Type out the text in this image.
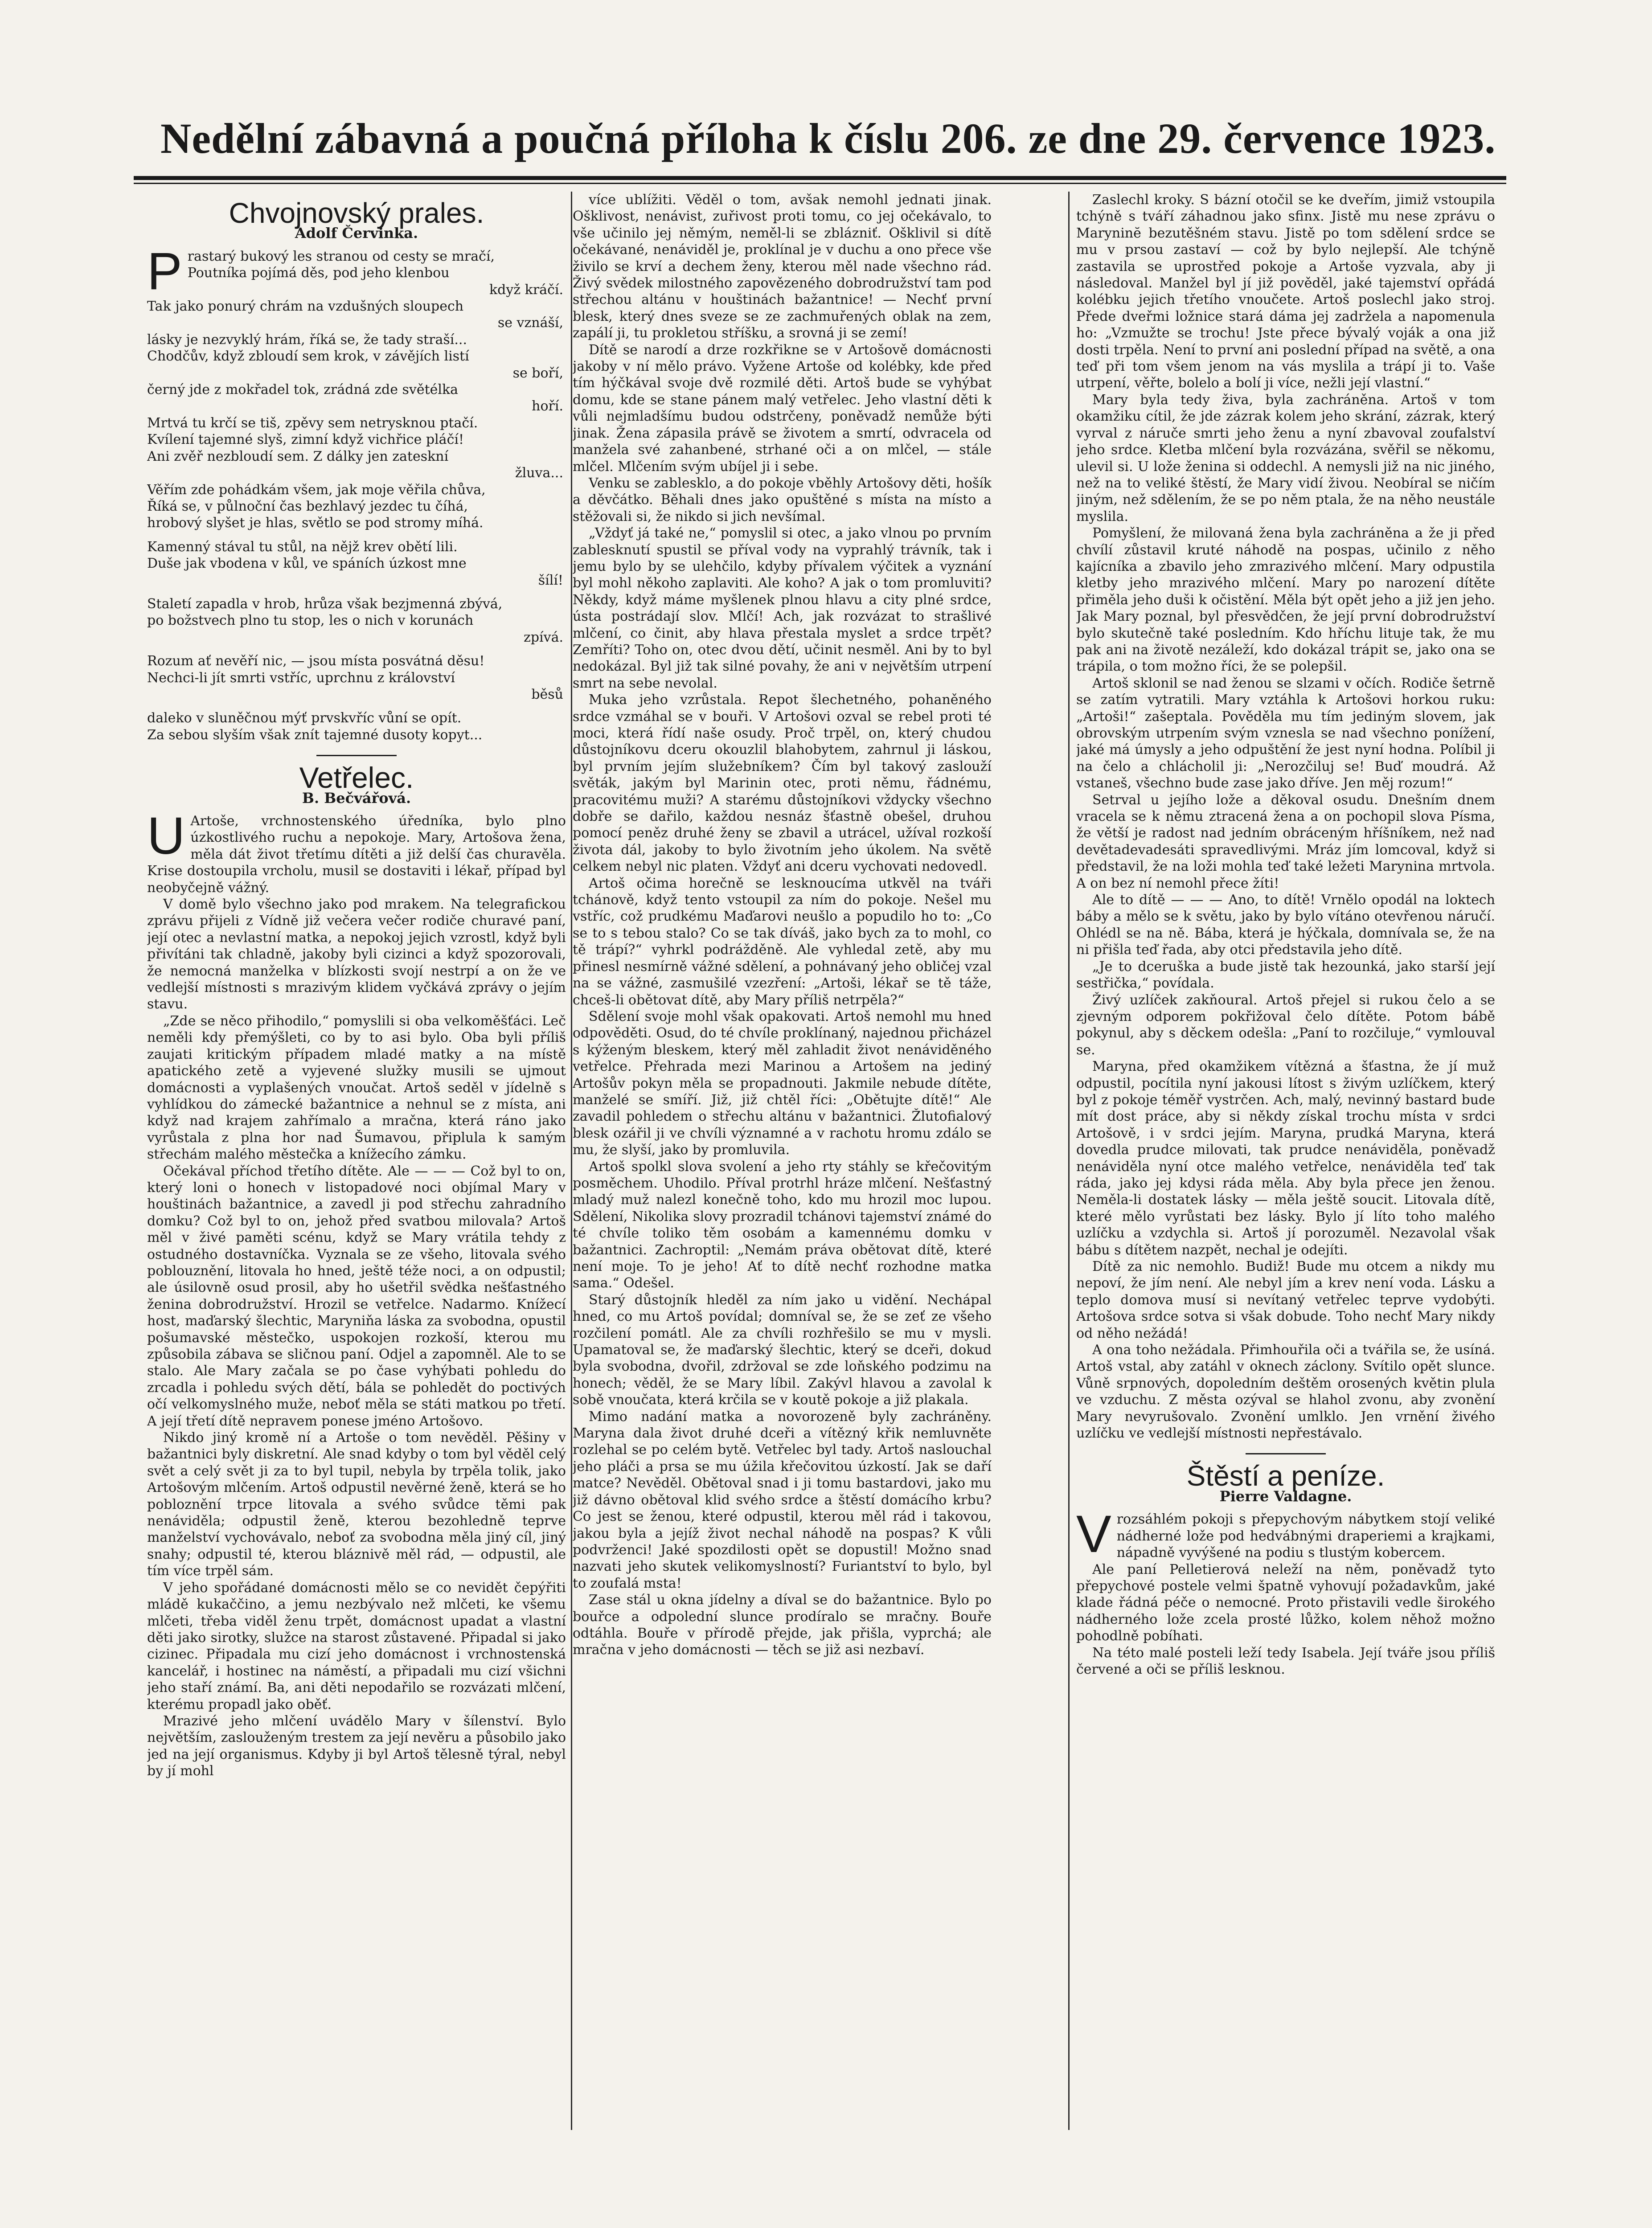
Nedělní zábavná a poučná příloha k číslu 206. ze dne 29. července 1923.
Chvojnovský prales.
Adolf Červinka.
P rastarý bukový les stranou od cesty se mračí,
Poutníka pojímá děs, pod jeho klenbou
když kráčí.
Tak jako ponurý chrám na vzdušných sloupech
se vznáší,
lásky je nezvyklý hrám, říká se, že tady straší...
Chodčův, když zbloudí sem krok, v závějích listí
se boří,
černý jde z mokřadel tok, zrádná zde světélka
hoří.
Mrtvá tu krčí se tiš, zpěvy sem netrysknou ptačí.
Kvílení tajemné slyš, zimní když vichřice pláčí!
Ani zvěř nezbloudí sem. Z dálky jen zateskní
žluva...
Věřím zde pohádkám všem, jak moje věřila chůva,
Říká se, v půlnoční čas bezhlavý jezdec tu číhá,
hrobový slyšet je hlas, světlo se pod stromy míhá.
Kamenný stával tu stůl, na nějž krev obětí lili.
Duše jak vbodena v kůl, ve spáních úzkost mne
šílí!
Staletí zapadla v hrob, hrůza však bezjmenná zbývá,
po božstvech plno tu stop, les o nich v korunách
zpívá.
Rozum ať nevěří nic, — jsou místa posvátná děsu!
Nechci-li jít smrti vstříc, uprchnu z království
běsů
daleko v sluněčnou mýť prvskvříc vůní se opít.
Za sebou slyším však znít tajemné dusoty kopyt...
Vetřelec.
B. Bečvářová.
U Artoše, vrchnostenského úředníka, bylo plno úzkostlivého ruchu a nepokoje. Mary, Artošova žena, měla dát život třetímu dítěti a již delší čas churavěla. Krise dostoupila vrcholu, musil se dostaviti i lékař, případ byl neobyčejně vážný.

V domě bylo všechno jako pod mrakem. Na telegrafickou zprávu přijeli z Vídně již večera večer rodiče churavé paní, její otec a nevlastní matka, a nepokoj jejich vzrostl, když byli přivítáni tak chladně, jakoby byli cizinci a když spozorovali, že nemocná manželka v blízkosti svojí nestrpí a on že ve vedlejší místnosti s mrazivým klidem vyčkává zprávy o jejím stavu.

„Zde se něco přihodilo,“ pomyslili si oba velkoměšťáci. Leč neměli kdy přemýšleti, co by to asi bylo. Oba byli příliš zaujati kritickým případem mladé matky a na místě apatického zetě a vyjevené služky musili se ujmout domácnosti a vyplašených vnoučat. Artoš seděl v jídelně s vyhlídkou do zámecké bažantnice a nehnul se z místa, ani když nad krajem zahřímalo a mračna, která ráno jako vyrůstala z plna hor nad Šumavou, připlula k samým střechám malého městečka a knížecího zámku.

Očekával příchod třetího dítěte. Ale — — — Což byl to on, který loni o honech v listopadové noci objímal Mary v houštinách bažantnice, a zavedl ji pod střechu zahradního domku? Což byl to on, jehož před svatbou milovala? Artoš měl v živé paměti scénu, když se Mary vrátila tehdy z ostudného dostavníčka. Vyznala se ze všeho, litovala svého poblouznění, litovala ho hned, ještě téže noci, a on odpustil; ale úsilovně osud prosil, aby ho ušetřil svědka nešťastného ženina dobrodružství. Hrozil se vetřelce. Nadarmo. Knížecí host, maďarský šlechtic, Maryniňa láska za svobodna, opustil pošumavské městečko, uspokojen rozkoší, kterou mu způsobila zábava se sličnou paní. Odjel a zapomněl. Ale to se stalo. Ale Mary začala se po čase vyhýbati pohledu do zrcadla i pohledu svých dětí, bála se pohledět do poctivých očí velkomyslného muže, neboť měla se státi matkou po třetí. A její třetí dítě nepravem ponese jméno Artošovo.

Nikdo jiný kromě ní a Artoše o tom nevěděl. Pěšiny v bažantnici byly diskretní. Ale snad kdyby o tom byl věděl celý svět a celý svět ji za to byl tupil, nebyla by trpěla tolik, jako Artošovým mlčením. Artoš odpustil nevěrné ženě, která se ho pobloznění trpce litovala a svého svůdce těmi pak nenáviděla; odpustil ženě, kterou bezohledně teprve manželství vychovávalo, neboť za svobodna měla jiný cíl, jiný snahy; odpustil té, kterou bláznivě měl rád, — odpustil, ale tím více trpěl sám.

V jeho spořádané domácnosti mělo se co nevidět čepýřiti mládě kukaččino, a jemu nezbývalo než mlčeti, ke všemu mlčeti, třeba viděl ženu trpět, domácnost upadat a vlastní děti jako sirotky, služce na starost zůstavené. Připadal si jako cizinec. Připadala mu cizí jeho domácnost i vrchnostenská kancelář, i hostinec na náměstí, a připadali mu cizí všichni jeho staří známí. Ba, ani děti nepodařilo se rozvázati mlčení, kterému propadl jako oběť.

Mrazivé jeho mlčení uvádělo Mary v šílenství. Bylo největším, zaslouženým trestem za její nevěru a působilo jako jed na její organismus. Kdyby ji byl Artoš tělesně týral, nebyl by jí mohl

více ublížiti. Věděl o tom, avšak nemohl jednati jinak. Ošklivost, nenávist, zuřivost proti tomu, co jej očekávalo, to vše učinilo jej němým, neměl-li se zblázniť. Ošklivil si dítě očekávané, nenáviděl je, proklínal je v duchu a ono přece vše živilo se krví a dechem ženy, kterou měl nade všechno rád. Živý svědek milostného zapovězeného dobrodružství tam pod střechou altánu v houštinách bažantnice! — Nechť první blesk, který dnes sveze se ze zachmuřených oblak na zem, zapálí ji, tu prokletou stříšku, a srovná ji se zemí!

Dítě se narodí a drze rozkřikne se v Artošově domácnosti jakoby v ní mělo právo. Vyžene Artoše od kolébky, kde před tím hýčkával svoje dvě rozmilé děti. Artoš bude se vyhýbat domu, kde se stane pánem malý vetřelec. Jeho vlastní děti k vůli nejmladšímu budou odstrčeny, poněvadž nemůže býti jinak. Žena zápasila právě se životem a smrtí, odvracela od manžela své zahanbené, strhané oči a on mlčel, — stále mlčel. Mlčením svým ubíjel ji i sebe.

Venku se zablesklo, a do pokoje vběhly Artošovy děti, hošík a děvčátko. Běhali dnes jako opuštěné s místa na místo a stěžovali si, že nikdo si jich nevšímal.

„Vždyť já také ne,“ pomyslil si otec, a jako vlnou po prvním zablesknutí spustil se příval vody na vyprahlý trávník, tak i jemu bylo by se ulehčilo, kdyby přívalem výčitek a vyznání byl mohl někoho zaplaviti. Ale koho? A jak o tom promluviti? Někdy, když máme myšlenek plnou hlavu a city plné srdce, ústa postrádají slov. Mlčí! Ach, jak rozvázat to strašlivé mlčení, co činit, aby hlava přestala myslet a srdce trpět? Zemříti? Toho on, otec dvou dětí, učinit nesměl. Ani by to byl nedokázal. Byl již tak silné povahy, že ani v největším utrpení smrt na sebe nevolal.

Muka jeho vzrůstala. Repot šlechetného, pohaněného srdce vzmáhal se v bouři. V Artošovi ozval se rebel proti té moci, která řídí naše osudy. Proč trpěl, on, který chudou důstojníkovu dceru okouzlil blahobytem, zahrnul ji láskou, byl prvním jejím služebníkem? Čím byl takový zaslouží světák, jakým byl Marinin otec, proti němu, řádnému, pracovitému muži? A starému důstojníkovi vždycky všechno dobře se dařilo, každou nesnáz šťastně obešel, druhou pomocí peněz druhé ženy se zbavil a utrácel, užíval rozkoší života dál, jakoby to bylo životním jeho úkolem. Na světě celkem nebyl nic platen. Vždyť ani dceru vychovati nedovedl.

Artoš očima horečně se lesknoucíma utkvěl na tváři tchánově, když tento vstoupil za ním do pokoje. Nešel mu vstříc, což prudkému Maďarovi neušlo a popudilo ho to: „Co se to s tebou stalo? Co se tak díváš, jako bych za to mohl, co tě trápí?“ vyhrkl podrážděně. Ale vyhledal zetě, aby mu přinesl nesmírně vážné sdělení, a pohnávaný jeho obličej vzal na se vážné, zasmušilé vzezření: „Artoši, lékař se tě táže, chceš-li obětovat dítě, aby Mary příliš netrpěla?“

Sdělení svoje mohl však opakovati. Artoš nemohl mu hned odpověděti. Osud, do té chvíle proklínaný, najednou přicházel s kýženým bleskem, který měl zahladit život nenáviděného vetřelce. Přehrada mezi Marinou a Artošem na jediný Artošův pokyn měla se propadnouti. Jakmile nebude dítěte, manželé se smíří. Již, již chtěl říci: „Obětujte dítě!“ Ale zavadil pohledem o střechu altánu v bažantnici. Žlutofialový blesk ozářil ji ve chvíli významné a v rachotu hromu zdálo se mu, že slyší, jako by promluvila.

Artoš spolkl slova svolení a jeho rty stáhly se křečovitým posměchem. Uhodilo. Příval protrhl hráze mlčení. Nešťastný mladý muž nalezl konečně toho, kdo mu hrozil moc lupou. Sdělení, Nikolika slovy prozradil tchánovi tajemství známé do té chvíle toliko těm osobám a kamennému domku v bažantnici. Zachroptil: „Nemám práva obětovat dítě, které není moje. To je jeho! Ať to dítě nechť rozhodne matka sama.“ Odešel.

Starý důstojník hleděl za ním jako u vidění. Nechápal hned, co mu Artoš povídal; domníval se, že se zeť ze všeho rozčilení pomátl. Ale za chvíli rozhřešilo se mu v mysli. Upamatoval se, že maďarský šlechtic, který se dceři, dokud byla svobodna, dvořil, zdržoval se zde loňského podzimu na honech; věděl, že se Mary líbil. Zakývl hlavou a zavolal k sobě vnoučata, která krčila se v koutě pokoje a již plakala.

Mimo nadání matka a novorozeně byly zachráněny. Maryna dala život druhé dceři a vítězný křik nemluvněte rozlehal se po celém bytě. Vetřelec byl tady. Artoš naslouchal jeho pláči a prsa se mu úžila křečovitou úzkostí. Jak se daří matce? Nevěděl. Obětoval snad i ji tomu bastardovi, jako mu již dávno obětoval klid svého srdce a štěstí domácího krbu? Co jest se ženou, které odpustil, kterou měl rád i takovou, jakou byla a jejíž život nechal náhodě na pospas? K vůli podvrženci! Jaké spozdilosti opět se dopustil! Možno snad nazvati jeho skutek velikomyslností? Furiantství to bylo, byl to zoufalá msta!

Zase stál u okna jídelny a díval se do bažantnice. Bylo po bouřce a odpolední slunce prodíralo se mračny. Bouře odtáhla. Bouře v přírodě přejde, jak přišla, vyprchá; ale mračna v jeho domácnosti — těch se již asi nezbaví.

Zaslechl kroky. S bázní otočil se ke dveřím, jimiž vstoupila tchýně s tváří záhadnou jako sfinx. Jistě mu nese zprávu o Maryninĕ bezutěšném stavu. Jistě po tom sdělení srdce se mu v prsou zastaví — což by bylo nejlepší. Ale tchýně zastavila se uprostřed pokoje a Artoše vyzvala, aby ji následoval. Manžel byl jí již pověděl, jaké tajemství opřádá kolébku jejich třetího vnoučete. Artoš poslechl jako stroj. Přede dveřmi ložnice stará dáma jej zadržela a napomenula ho: „Vzmužte se trochu! Jste přece bývalý voják a ona již dosti trpěla. Není to první ani poslední případ na světě, a ona teď při tom všem jenom na vás myslila a trápí ji to. Vaše utrpení, věřte, bolelo a bolí ji více, nežli její vlastní.“

Mary byla tedy živa, byla zachráněna. Artoš v tom okamžiku cítil, že jde zázrak kolem jeho skrání, zázrak, který vyrval z náruče smrti jeho ženu a nyní zbavoval zoufalství jeho srdce. Kletba mlčení byla rozvázána, svěřil se někomu, ulevil si. U lože ženina si oddechl. A nemysli již na nic jiného, než na to veliké štěstí, že Mary vidí živou. Neobíral se ničím jiným, než sdělením, že se po něm ptala, že na něho neustále myslila.

Pomyšlení, že milovaná žena byla zachráněna a že ji před chvílí zůstavil kruté náhodě na pospas, učinilo z něho kajícníka a zbavilo jeho zmrazivého mlčení. Mary odpustila kletby jeho mrazivého mlčení. Mary po narození dítěte přiměla jeho duši k očistění. Měla být opět jeho a již jen jeho. Jak Mary poznal, byl přesvědčen, že její první dobrodružství bylo skutečně také posledním. Kdo hříchu lituje tak, že mu pak ani na životě nezáleží, kdo dokázal trápit se, jako ona se trápila, o tom možno říci, že se polepšil.

Artoš sklonil se nad ženou se slzami v očích. Rodiče šetrně se zatím vytratili. Mary vztáhla k Artošovi horkou ruku: „Artoši!“ zašeptala. Pověděla mu tím jediným slovem, jak obrovským utrpením svým vznesla se nad všechno ponížení, jaké má úmysly a jeho odpuštění že jest nyní hodna. Políbil ji na čelo a chlácholil ji: „Nerozčiluj se! Buď moudrá. Až vstaneš, všechno bude zase jako dříve. Jen měj rozum!“

Setrval u jejího lože a děkoval osudu. Dnešním dnem vracela se k němu ztracená žena a on pochopil slova Písma, že větší je radost nad jedním obráceným hříšníkem, než nad devětadevadesáti spravedlivými. Mráz jím lomcoval, když si představil, že na loži mohla teď také ležeti Marynina mrtvola. A on bez ní nemohl přece žíti!

Ale to dítě — — — Ano, to dítě! Vrnělo opodál na loktech báby a mělo se k světu, jako by bylo vítáno otevřenou náručí. Ohlédl se na ně. Bába, která je hýčkala, domnívala se, že na ni přišla teď řada, aby otci představila jeho dítě.

„Je to dceruška a bude jistě tak hezounká, jako starší její sestřička,“ povídala.

Živý uzlíček zakňoural. Artoš přejel si rukou čelo a se zjevným odporem pokřižoval čelo dítěte. Potom bábě pokynul, aby s děckem odešla: „Paní to rozčiluje,“ vymlouval se.

Maryna, před okamžikem vítězná a šťastna, že jí muž odpustil, pocítila nyní jakousi lítost s živým uzlíčkem, který byl z pokoje téměř vystrčen. Ach, malý, nevinný bastard bude mít dost práce, aby si někdy získal trochu místa v srdci Artošově, i v srdci jejím. Maryna, prudká Maryna, která dovedla prudce milovati, tak prudce nenáviděla, poněvadž nenáviděla nyní otce malého vetřelce, nenáviděla teď tak ráda, jako jej kdysi ráda měla. Aby byla přece jen ženou. Neměla-li dostatek lásky — měla ještě soucit. Litovala dítě, které mělo vyrůstati bez lásky. Bylo jí líto toho malého uzlíčku a vzdychla si. Artoš jí porozuměl. Nezavolal však bábu s dítětem nazpět, nechal je odejíti.

Dítě za nic nemohlo. Budiž! Bude mu otcem a nikdy mu nepoví, že jím není. Ale nebyl jím a krev není voda. Lásku a teplo domova musí si nevítaný vetřelec teprve vydobýti. Artošova srdce sotva si však dobude. Toho nechť Mary nikdy od něho nežádá!

A ona toho nežádala. Přimhouřila oči a tvářila se, že usíná. Artoš vstal, aby zatáhl v oknech záclony. Svítilo opět slunce. Vůně srpnových, dopoledním deštěm orosených květin plula ve vzduchu. Z města ozýval se hlahol zvonu, aby zvonění Mary nevyrušovalo. Zvonění umlklo. Jen vrnění živého uzlíčku ve vedlejší místnosti nepřestávalo.

Štěstí a peníze.
Pierre Valdagne.
V rozsáhlém pokoji s přepychovým nábytkem stojí veliké nádherné lože pod hedvábnými draperiemi a krajkami, nápadně vyvýšené na podiu s tlustým kobercem.

Ale paní Pelletierová neleží na něm, poněvadž tyto přepychové postele velmi špatně vyhovují požadavkům, jaké klade řádná péče o nemocné. Proto přistavili vedle širokého nádherného lože zcela prosté lůžko, kolem něhož možno pohodlně pobíhati.

Na této malé posteli leží tedy Isabela. Její tváře jsou příliš červené a oči se příliš lesknou.
